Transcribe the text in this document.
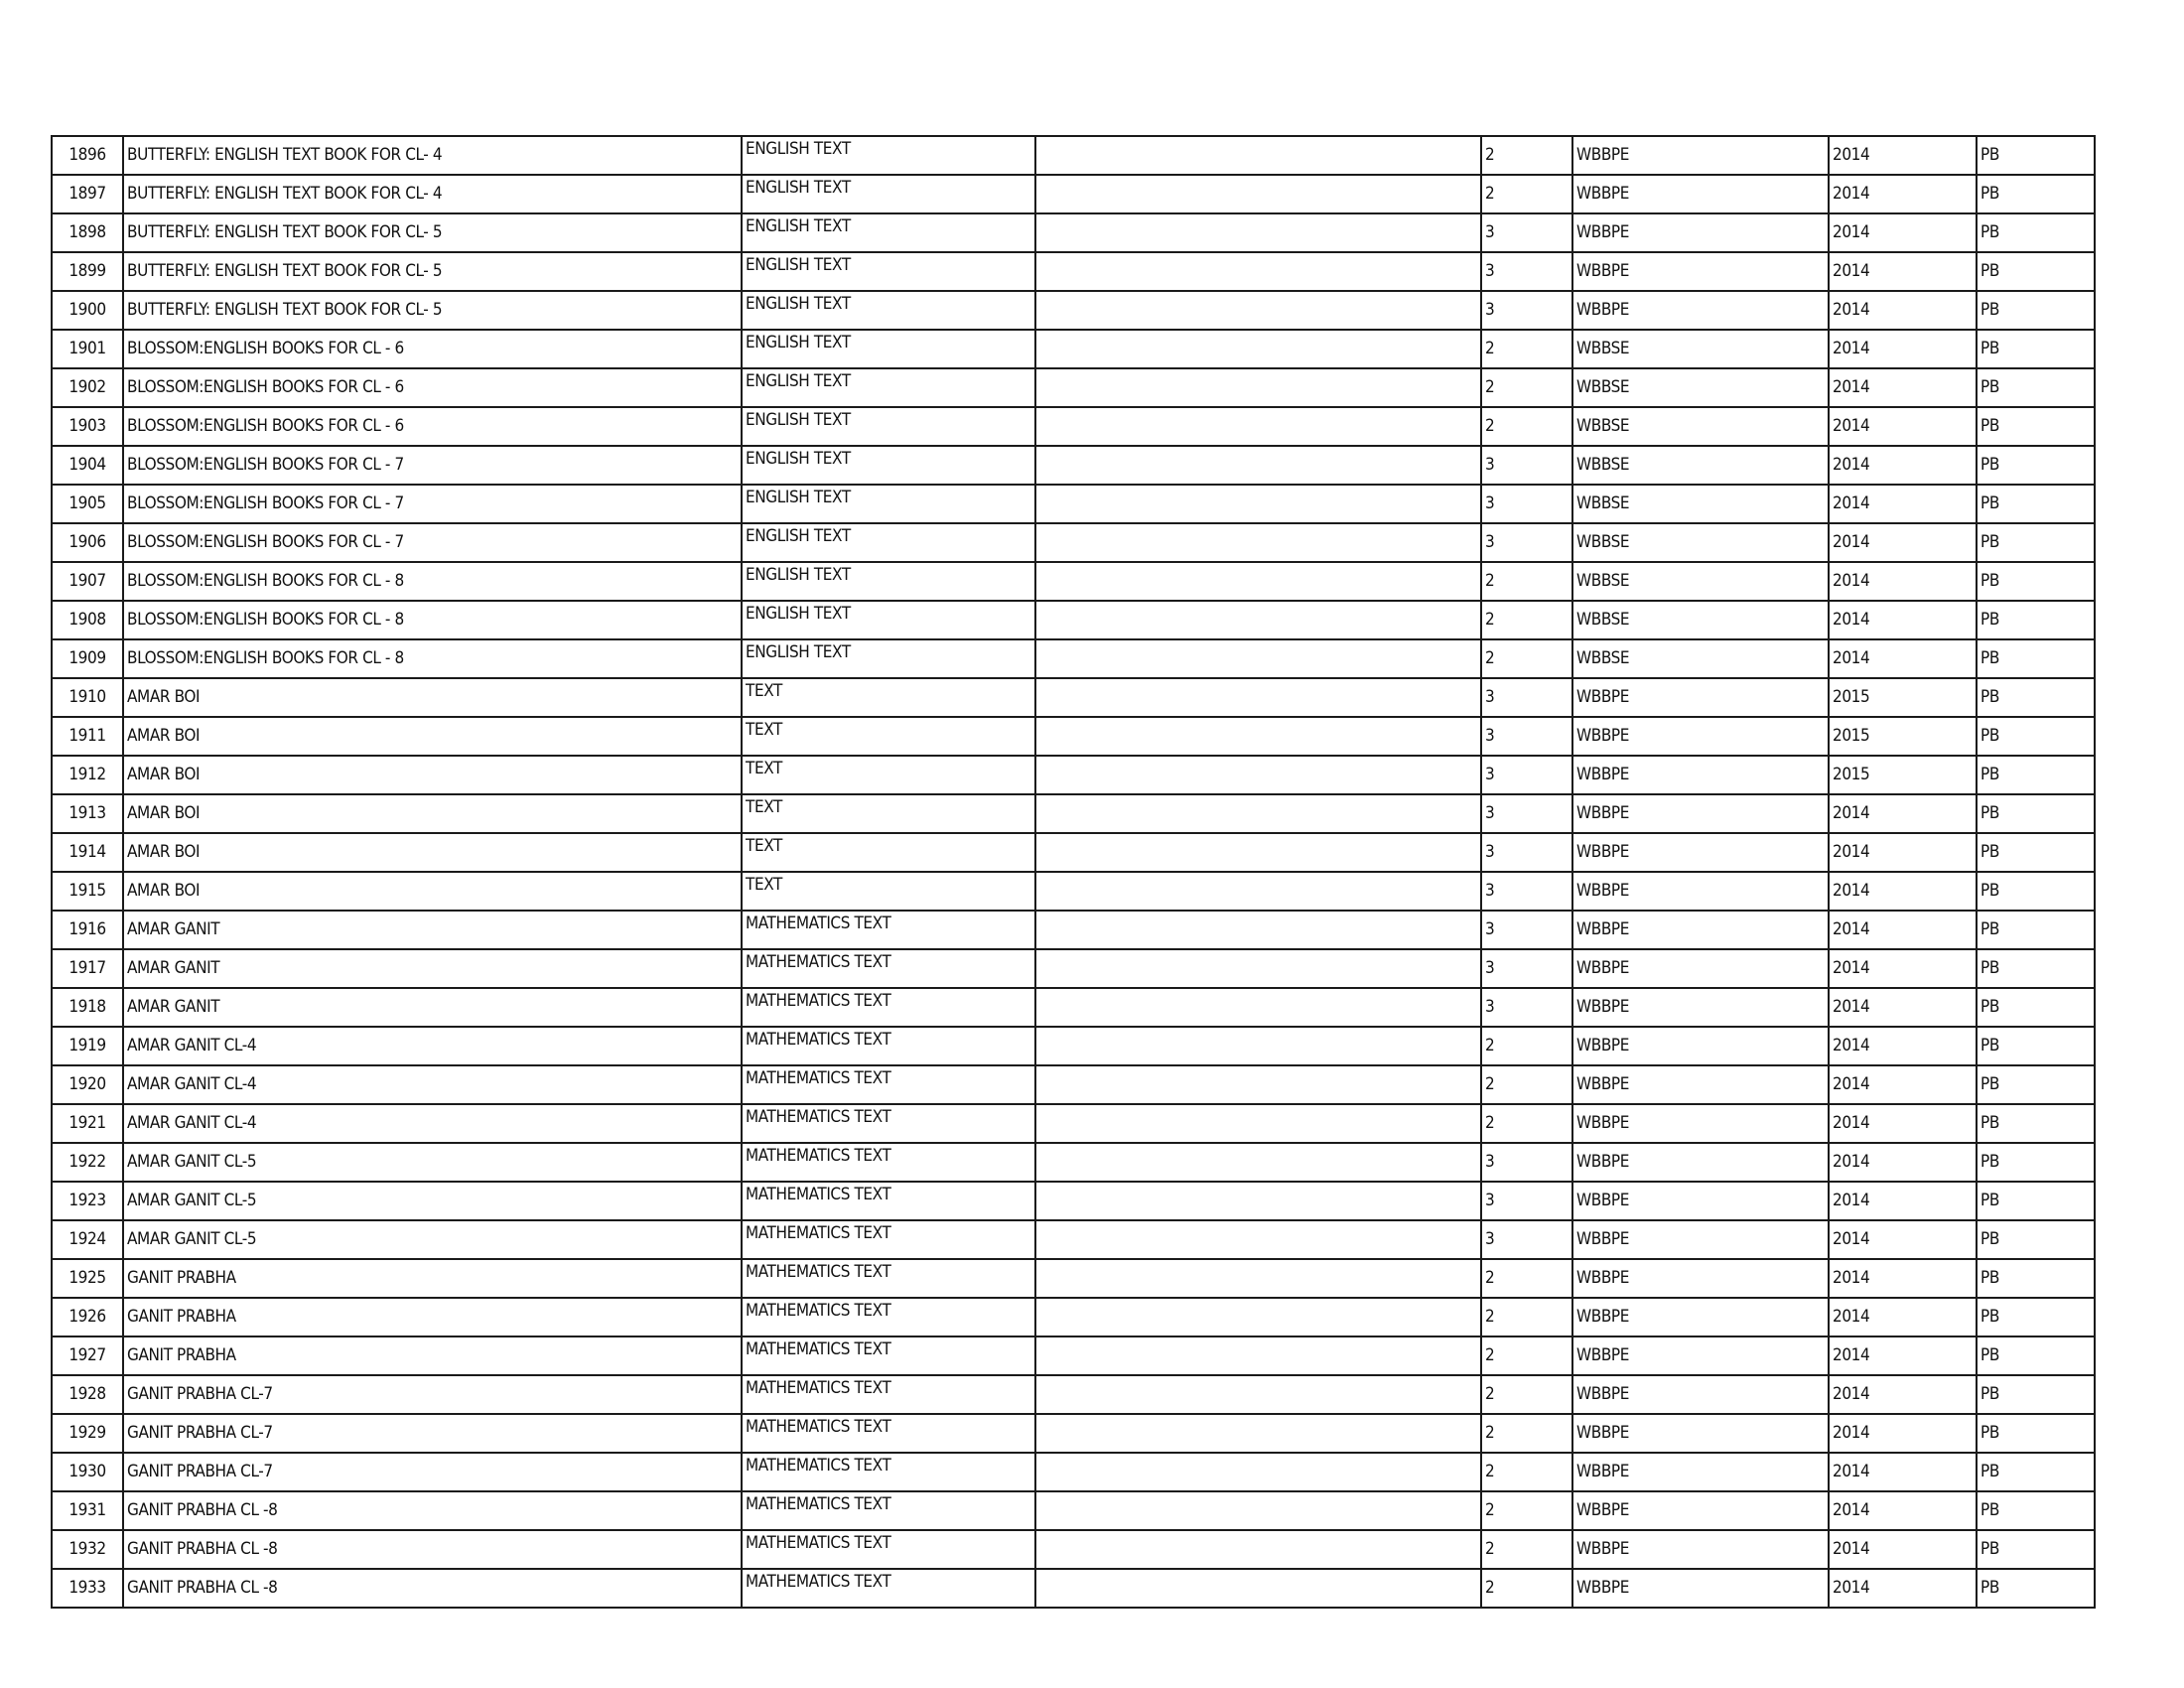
1896	BUTTERFLY: ENGLISH TEXT BOOK FOR CL- 4	ENGLISH TEXT		2	WBBPE	2014	PB
1897	BUTTERFLY: ENGLISH TEXT BOOK FOR CL- 4	ENGLISH TEXT		2	WBBPE	2014	PB
1898	BUTTERFLY: ENGLISH TEXT BOOK FOR CL- 5	ENGLISH TEXT		3	WBBPE	2014	PB
1899	BUTTERFLY: ENGLISH TEXT BOOK FOR CL- 5	ENGLISH TEXT		3	WBBPE	2014	PB
1900	BUTTERFLY: ENGLISH TEXT BOOK FOR CL- 5	ENGLISH TEXT		3	WBBPE	2014	PB
1901	BLOSSOM:ENGLISH BOOKS FOR CL - 6	ENGLISH TEXT		2	WBBSE	2014	PB
1902	BLOSSOM:ENGLISH BOOKS FOR CL - 6	ENGLISH TEXT		2	WBBSE	2014	PB
1903	BLOSSOM:ENGLISH BOOKS FOR CL - 6	ENGLISH TEXT		2	WBBSE	2014	PB
1904	BLOSSOM:ENGLISH BOOKS FOR CL - 7	ENGLISH TEXT		3	WBBSE	2014	PB
1905	BLOSSOM:ENGLISH BOOKS FOR CL - 7	ENGLISH TEXT		3	WBBSE	2014	PB
1906	BLOSSOM:ENGLISH BOOKS FOR CL - 7	ENGLISH TEXT		3	WBBSE	2014	PB
1907	BLOSSOM:ENGLISH BOOKS FOR CL - 8	ENGLISH TEXT		2	WBBSE	2014	PB
1908	BLOSSOM:ENGLISH BOOKS FOR CL - 8	ENGLISH TEXT		2	WBBSE	2014	PB
1909	BLOSSOM:ENGLISH BOOKS FOR CL - 8	ENGLISH TEXT		2	WBBSE	2014	PB
1910	AMAR BOI	TEXT		3	WBBPE	2015	PB
1911	AMAR BOI	TEXT		3	WBBPE	2015	PB
1912	AMAR BOI	TEXT		3	WBBPE	2015	PB
1913	AMAR BOI	TEXT		3	WBBPE	2014	PB
1914	AMAR BOI	TEXT		3	WBBPE	2014	PB
1915	AMAR BOI	TEXT		3	WBBPE	2014	PB
1916	AMAR GANIT	MATHEMATICS TEXT		3	WBBPE	2014	PB
1917	AMAR GANIT	MATHEMATICS TEXT		3	WBBPE	2014	PB
1918	AMAR GANIT	MATHEMATICS TEXT		3	WBBPE	2014	PB
1919	AMAR GANIT CL-4	MATHEMATICS TEXT		2	WBBPE	2014	PB
1920	AMAR GANIT CL-4	MATHEMATICS TEXT		2	WBBPE	2014	PB
1921	AMAR GANIT CL-4	MATHEMATICS TEXT		2	WBBPE	2014	PB
1922	AMAR GANIT CL-5	MATHEMATICS TEXT		3	WBBPE	2014	PB
1923	AMAR GANIT CL-5	MATHEMATICS TEXT		3	WBBPE	2014	PB
1924	AMAR GANIT CL-5	MATHEMATICS TEXT		3	WBBPE	2014	PB
1925	GANIT PRABHA	MATHEMATICS TEXT		2	WBBPE	2014	PB
1926	GANIT PRABHA	MATHEMATICS TEXT		2	WBBPE	2014	PB
1927	GANIT PRABHA	MATHEMATICS TEXT		2	WBBPE	2014	PB
1928	GANIT PRABHA CL-7	MATHEMATICS TEXT		2	WBBPE	2014	PB
1929	GANIT PRABHA CL-7	MATHEMATICS TEXT		2	WBBPE	2014	PB
1930	GANIT PRABHA CL-7	MATHEMATICS TEXT		2	WBBPE	2014	PB
1931	GANIT PRABHA CL -8	MATHEMATICS TEXT		2	WBBPE	2014	PB
1932	GANIT PRABHA CL -8	MATHEMATICS TEXT		2	WBBPE	2014	PB
1933	GANIT PRABHA CL -8	MATHEMATICS TEXT		2	WBBPE	2014	PB
